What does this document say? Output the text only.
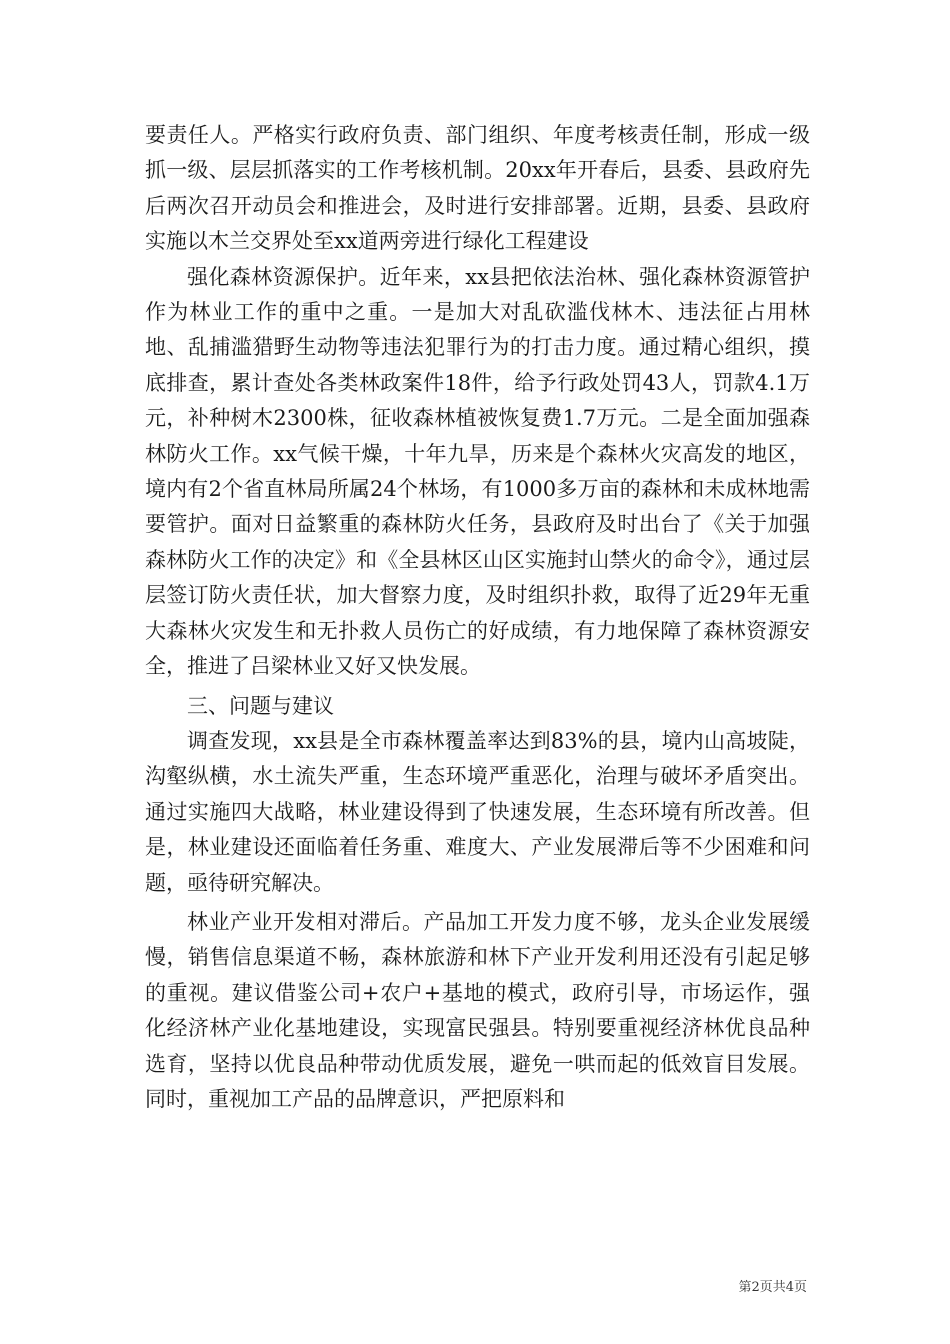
要责任人。严格实行政府负责、部门组织、年度考核责任制，形成一级抓一级、层层抓落实的工作考核机制。20xx年开春后，县委、县政府先后两次召开动员会和推进会，及时进行安排部署。近期，县委、县政府实施以木兰交界处至xx道两旁进行绿化工程建设

强化森林资源保护。近年来，xx县把依法治林、强化森林资源管护作为林业工作的重中之重。一是加大对乱砍滥伐林木、违法征占用林地、乱捕滥猎野生动物等违法犯罪行为的打击力度。通过精心组织，摸底排查，累计查处各类林政案件18件，给予行政处罚43人，罚款4.1万元，补种树木2300株，征收森林植被恢复费1.7万元。二是全面加强森林防火工作。xx气候干燥，十年九旱，历来是个森林火灾高发的地区，境内有2个省直林局所属24个林场，有1000多万亩的森林和未成林地需要管护。面对日益繁重的森林防火任务，县政府及时出台了《关于加强森林防火工作的决定》和《全县林区山区实施封山禁火的命令》，通过层层签订防火责任状，加大督察力度，及时组织扑救，取得了近29年无重大森林火灾发生和无扑救人员伤亡的好成绩，有力地保障了森林资源安全，推进了吕梁林业又好又快发展。

三、问题与建议

调查发现，xx县是全市森林覆盖率达到83%的县，境内山高坡陡，沟壑纵横，水土流失严重，生态环境严重恶化，治理与破坏矛盾突出。通过实施四大战略，林业建设得到了快速发展，生态环境有所改善。但是，林业建设还面临着任务重、难度大、产业发展滞后等不少困难和问题，亟待研究解决。

林业产业开发相对滞后。产品加工开发力度不够，龙头企业发展缓慢，销售信息渠道不畅，森林旅游和林下产业开发利用还没有引起足够的重视。建议借鉴公司+农户+基地的模式，政府引导，市场运作，强化经济林产业化基地建设，实现富民强县。特别要重视经济林优良品种选育，坚持以优良品种带动优质发展，避免一哄而起的低效盲目发展。同时，重视加工产品的品牌意识，严把原料和

第2页共4页
